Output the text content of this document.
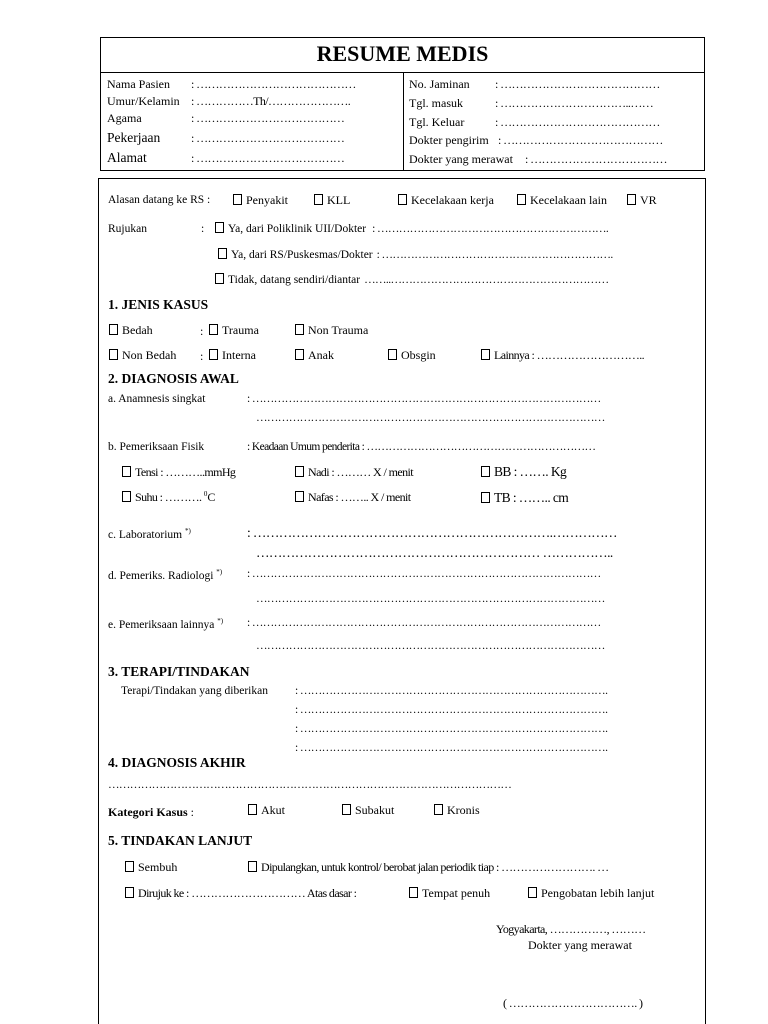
RESUME MEDIS
Nama Pasien : ……………………………………
Umur/Kelamin : ……………Th/………………….
Agama	: …………………………………
Pekerjaan	: …………………………………
Alamat	: …………………………………
No. Jaminan : ……………………………………
Tgl. masuk	: ……………………………..……
Tgl. Keluar	: ……………………………………
Dokter pengirim : ……………………………………
Dokter yang merawat : ………………………………
Alasan datang ke RS :	Penyakit	KLL	Kecelakaan kerja	Kecelakaan lain	VR
Rujukan	:	Ya, dari Poliklinik UII/Dokter : ……………………………………………………….
Ya, dari RS/Puskesmas/Dokter : ……………………………………………………….
Tidak, datang sendiri/diantar ……..……………………………………………………
1. JENIS KASUS
Bedah	:	Trauma	Non Trauma
Non Bedah :	Interna	Anak	Obsgin	Lainnya : ………………………..
2. DIAGNOSIS AWAL
a. Anamnesis singkat	: ……………………………………………………………………………………
……………………………………………………………………………………
b. Pemeriksaan Fisik	: Keadaan Umum penderita : ………………………………………………………
Tensi : ………..mmHg	Nadi : ……… X / menit	BB : ……. Kg
Suhu : ………. $^0$C	Nafas : …….. X / menit	TB : …….. cm
c. Laboratorium *)	: …………………………………………………………….……………
………………………………………………………… ……………..
d. Pemeriks. Radiologi *) : ……………………………………………………………………………………
……………………………………………………………………………………
e. Pemeriksaan lainnya *) : ……………………………………………………………………………………
……………………………………………………………………………………
3. TERAPI/TINDAKAN
Terapi/Tindakan yang diberikan : ………………………………………………………………………….
: ………………………………………………………………………….
: ………………………………………………………………………….
: ………………………………………………………………………….
4. DIAGNOSIS AKHIR
…………………………………………………………………………………………………
Kategori Kasus :	Akut	Subakut	Kronis
5. TINDAKAN LANJUT
Sembuh	Dipulangkan, untuk kontrol/ berobat jalan periodik tiap : ……………………. …
Dirujuk ke : ………………………… Atas dasar :	Tempat penuh	Pengobatan lebih lanjut
Yogyakarta, ……………, ………
Dokter yang merawat
( ……………………………. )
